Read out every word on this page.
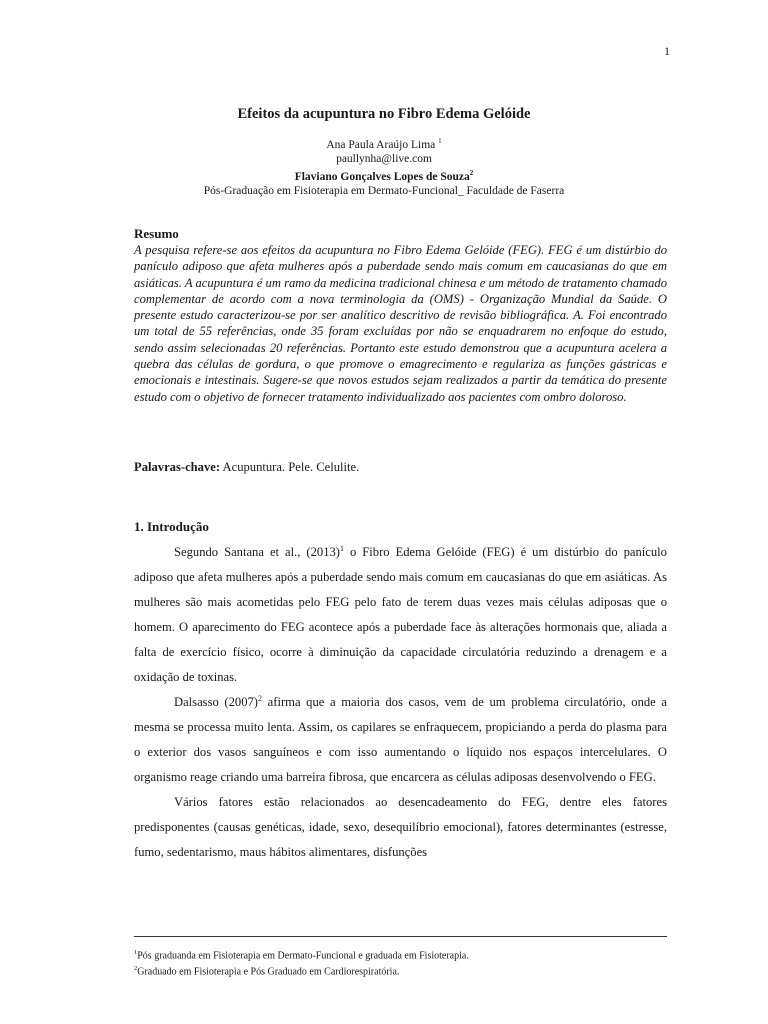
1
Efeitos da acupuntura no Fibro Edema Gelóide
Ana Paula Araújo Lima $^1$
paullynha@live.com
Flaviano Gonçalves Lopes de Souza$^2$
Pós-Graduação em Fisioterapia em Dermato-Funcional_ Faculdade de Faserra
Resumo

A pesquisa refere-se aos efeitos da acupuntura no Fibro Edema Gelóide (FEG). FEG é um distúrbio do panículo adiposo que afeta mulheres após a puberdade sendo mais comum em caucasianas do que em asiáticas. A acupuntura é um ramo da medicina tradicional chinesa e um método de tratamento chamado complementar de acordo com a nova terminologia da (OMS) - Organização Mundial da Saúde. O presente estudo caracterizou-se por ser analítico descritivo de revisão bibliográfica. A. Foi encontrado um total de 55 referências, onde 35 foram excluídas por não se enquadrarem no enfoque do estudo, sendo assim selecionadas 20 referências. Portanto este estudo demonstrou que a acupuntura acelera a quebra das células de gordura, o que promove o emagrecimento e regulariza as funções gástricas e emocionais e intestinais. Sugere-se que novos estudos sejam realizados a partir da temática do presente estudo com o objetivo de fornecer tratamento individualizado aos pacientes com ombro doloroso.

Palavras-chave: Acupuntura. Pele. Celulite.
1. Introdução

Segundo Santana et al., $(2013)^1$ o Fibro Edema Gelóide (FEG) é um distúrbio do panículo adiposo que afeta mulheres após a puberdade sendo mais comum em caucasianas do que em asiáticas. As mulheres são mais acometidas pelo FEG pelo fato de terem duas vezes mais células adiposas que o homem. O aparecimento do FEG acontece após a puberdade face às alterações hormonais que, aliada a falta de exercício físico, ocorre à diminuição da capacidade circulatória reduzindo a drenagem e a oxidação de toxinas.

Dalsasso $(2007)^2$ afirma que a maioria dos casos, vem de um problema circulatório, onde a mesma se processa muito lenta. Assim, os capilares se enfraquecem, propiciando a perda do plasma para o exterior dos vasos sanguíneos e com isso aumentando o líquido nos espaços intercelulares. O organismo reage criando uma barreira fibrosa, que encarcera as células adiposas desenvolvendo o FEG.

Vários fatores estão relacionados ao desencadeamento do FEG, dentre eles fatores predisponentes (causas genéticas, idade, sexo, desequilíbrio emocional), fatores determinantes (estresse, fumo, sedentarismo, maus hábitos alimentares, disfunções

$^1$Pós graduanda em Fisioterapia em Dermato-Funcional e graduada em Fisioterapia.
$^2$Graduado em Fisioterapia e Pós Graduado em Cardiorespiratória.
